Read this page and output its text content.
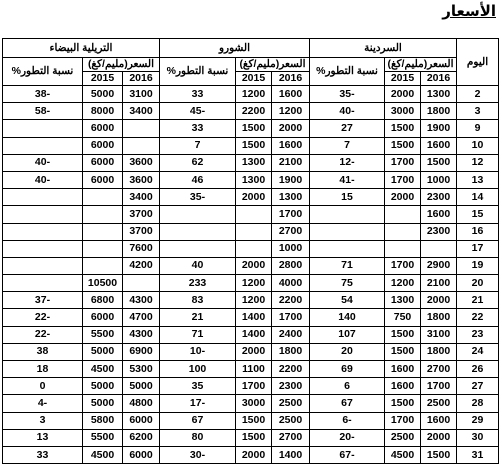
الأسعار
اليوم	السردينة			الشورو			التريلية البيضاء		
	السعر(مليم/كغ)		نسبة التطور%	السعر(مليم/كغ)		نسبة التطور%	السعر(مليم/كغ)		نسبة التطور%
	2016	2015		2016	2015		2016	2015	
2	1300	2000	-35	1600	1200	33	3100	5000	-38
3	1800	3000	-40	1200	2200	-45	3400	8000	-58
9	1900	1500	27	2000	1500	33		6000	
10	1600	1500	7	1600	1500	7		6000	
12	1500	1700	-12	2100	1300	62	3600	6000	-40
13	1000	1700	-41	1900	1300	46	3600	6000	-40
14	2300	2000	15	1300	2000	-35	3400		
15	1600			1700			3700		
16	2300			2700			3700		
17				1000			7600		
19	2900	1700	71	2800	2000	40	4200		
20	2100	1200	75	4000	1200	233		10500	
21	2000	1300	54	2200	1200	83	4300	6800	-37
22	1800	750	140	1700	1400	21	4700	6000	-22
23	3100	1500	107	2400	1400	71	4300	5500	-22
24	1800	1500	20	1800	2000	-10	6900	5000	38
26	2700	1600	69	2200	1100	100	5300	4500	18
27	1700	1600	6	2300	1700	35	5000	5000	0
28	2500	1500	67	2500	3000	-17	4800	5000	-4
29	1600	1700	-6	2500	1500	67	6000	5800	3
30	2000	2500	-20	2700	1500	80	6200	5500	13
31	1500	4500	-67	1400	2000	-30	6000	4500	33
